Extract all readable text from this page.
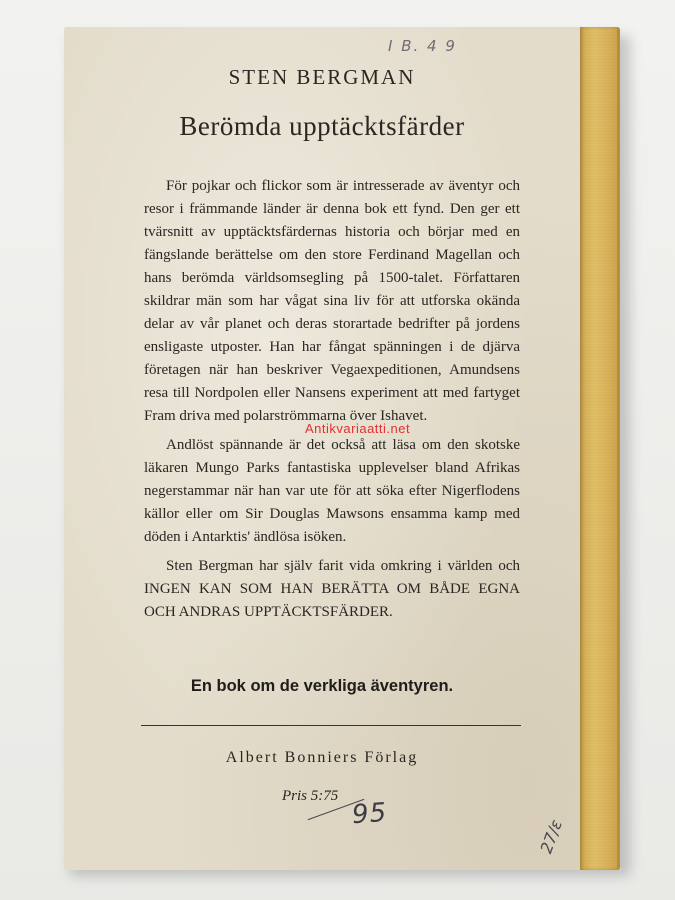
I B. 4 9
STEN BERGMAN
Berömda upptäcktsfärder

För pojkar och flickor som är intresserade av äventyr och resor i främmande länder är denna bok ett fynd. Den ger ett tvärsnitt av upptäcktsfärdernas historia och börjar med en fängslande berättelse om den store Ferdinand Magellan och hans berömda världsomsegling på 1500-talet. Författaren skildrar män som har vågat sina liv för att utforska okända delar av vår planet och deras storartade bedrifter på jordens ensligaste utposter. Han har fångat spänningen i de djärva företagen när han beskriver Vegaexpeditionen, Amundsens resa till Nordpolen eller Nansens experiment att med fartyget Fram driva med polarströmmarna över Ishavet.

Andlöst spännande är det också att läsa om den skotske läkaren Mungo Parks fantastiska upplevelser bland Afrikas negerstammar när han var ute för att söka efter Nigerflodens källor eller om Sir Douglas Mawsons ensamma kamp med döden i Antarktis' ändlösa isöken.

Sten Bergman har själv farit vida omkring i världen och INGEN KAN SOM HAN BERÄTTA OM BÅDE EGNA OCH ANDRAS UPPTÄCKTSFÄRDER.

Antikvariaatti.net
En bok om de verkliga äventyren.
Albert Bonniers Förlag
Pris 5:75
95
27/ε
